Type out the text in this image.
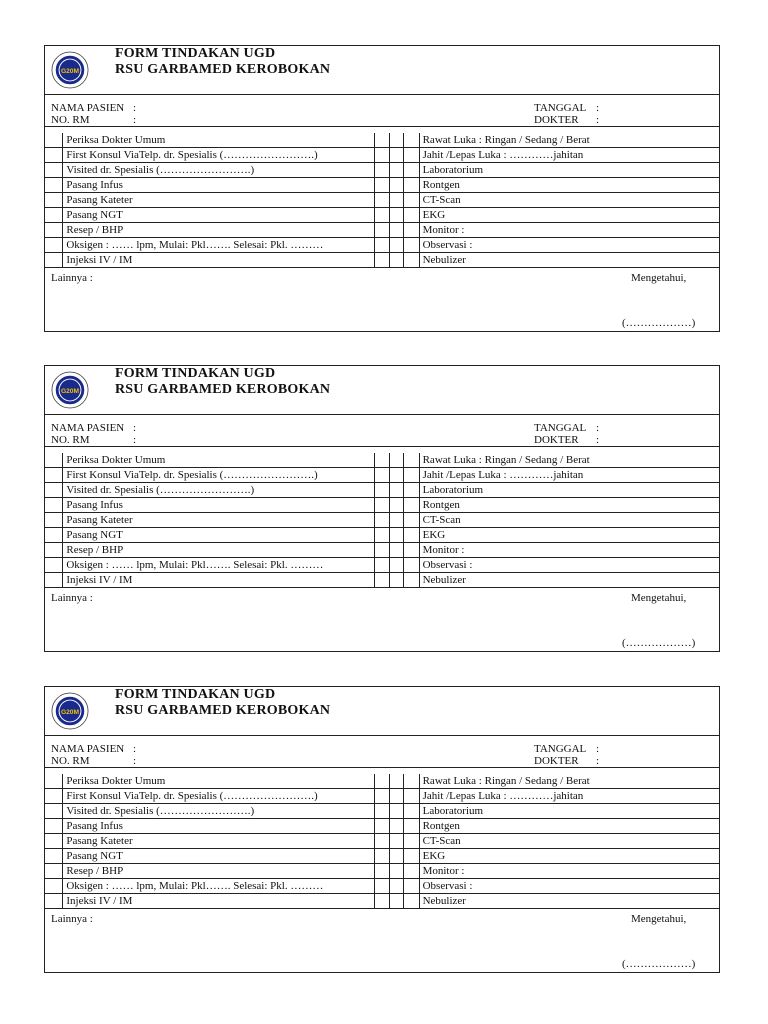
G20M
FORM TINDAKAN UGD
RSU GARBAMED KEROBOKAN
NAMA PASIEN :
NO. RM	:
TANGGAL :
DOKTER :
	Periksa Dokter Umum				Rawat Luka : Ringan / Sedang / Berat
	First Konsul ViaTelp. dr. Spesialis (…………………….)				Jahit /Lepas Luka : …………jahitan
	Visited dr. Spesialis (…………………….)				Laboratorium
	Pasang Infus				Rontgen
	Pasang Kateter				CT-Scan
	Pasang NGT				EKG
	Resep / BHP				Monitor :
	Oksigen : …… lpm, Mulai: Pkl……. Selesai: Pkl. ………				Observasi :
	Injeksi IV / IM				Nebulizer
Lainnya :	Mengetahui,
(………………)
G20M
FORM TINDAKAN UGD
RSU GARBAMED KEROBOKAN
NAMA PASIEN :
NO. RM	:
TANGGAL :
DOKTER :
	Periksa Dokter Umum				Rawat Luka : Ringan / Sedang / Berat
	First Konsul ViaTelp. dr. Spesialis (…………………….)				Jahit /Lepas Luka : …………jahitan
	Visited dr. Spesialis (…………………….)				Laboratorium
	Pasang Infus				Rontgen
	Pasang Kateter				CT-Scan
	Pasang NGT				EKG
	Resep / BHP				Monitor :
	Oksigen : …… lpm, Mulai: Pkl……. Selesai: Pkl. ………				Observasi :
	Injeksi IV / IM				Nebulizer
Lainnya :	Mengetahui,
(………………)
G20M
FORM TINDAKAN UGD
RSU GARBAMED KEROBOKAN
NAMA PASIEN :
NO. RM	:
TANGGAL :
DOKTER :
	Periksa Dokter Umum				Rawat Luka : Ringan / Sedang / Berat
	First Konsul ViaTelp. dr. Spesialis (…………………….)				Jahit /Lepas Luka : …………jahitan
	Visited dr. Spesialis (…………………….)				Laboratorium
	Pasang Infus				Rontgen
	Pasang Kateter				CT-Scan
	Pasang NGT				EKG
	Resep / BHP				Monitor :
	Oksigen : …… lpm, Mulai: Pkl……. Selesai: Pkl. ………				Observasi :
	Injeksi IV / IM				Nebulizer
Lainnya :	Mengetahui,
(………………)
